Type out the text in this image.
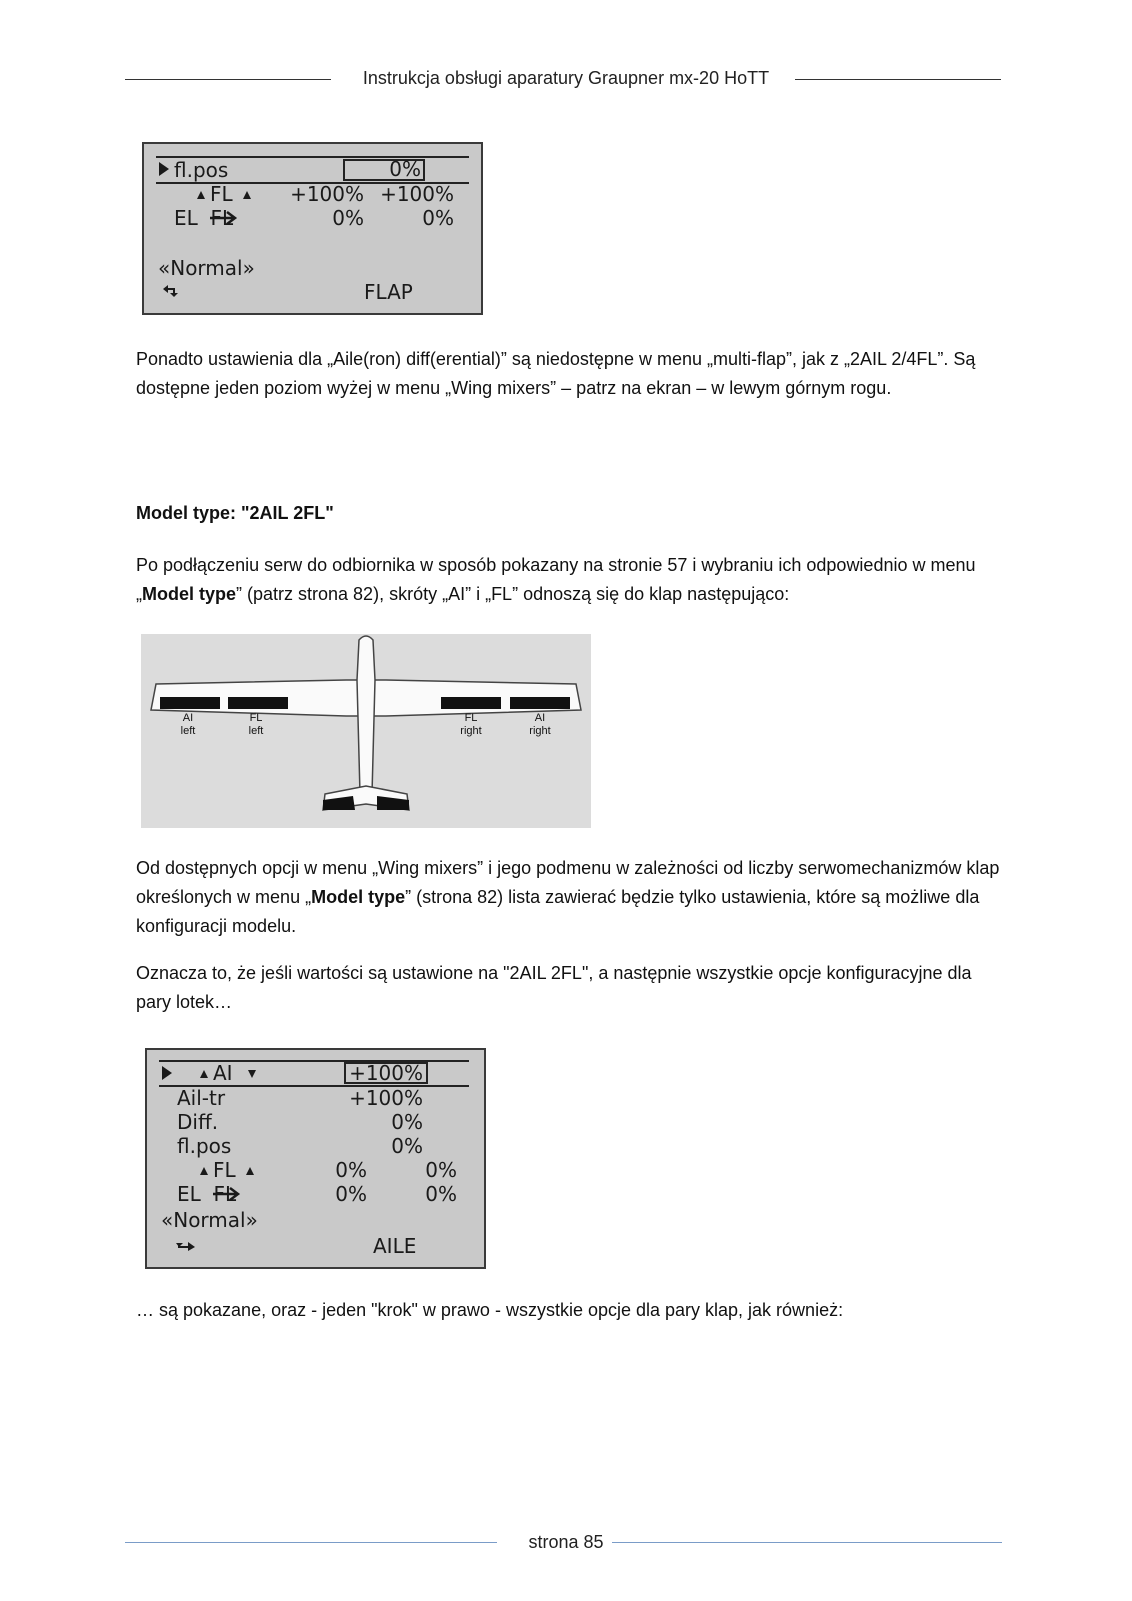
Instrukcja obsługi aparatury Graupner mx-20 HoTT
fl.pos	0%
FL	+100% +100%
EL  FL	0%	0%
«Normal»
FLAP
Ponadto ustawienia dla „Aile(ron) diff(erential)” są niedostępne w menu „multi-flap”, jak z „2AIL 2/4FL”. Są dostępne jeden poziom wyżej w menu „Wing mixers” – patrz na ekran – w lewym górnym rogu.
Model type: "2AIL 2FL"
Po podłączeniu serw do odbiornika w sposób pokazany na stronie 57 i wybraniu ich odpowiednio w menu „Model type” (patrz strona 82), skróty „AI” i „FL” odnoszą się do klap następująco:
AI
left
FL
left
FL
right
AI
right
Od dostępnych opcji w menu „Wing mixers” i jego podmenu w zależności od liczby serwomechanizmów klap określonych w menu „Model type” (strona 82) lista zawierać będzie tylko ustawienia, które są możliwe dla konfiguracji modelu.
Oznacza to, że jeśli wartości są ustawione na "2AIL 2FL", a następnie wszystkie opcje konfiguracyjne dla pary lotek…
AI	+100%
Ail-tr	+100%
Diff.	0%
fl.pos	0%
FL	0%	0%
EL  FL	0%	0%
«Normal»
AILE
… są pokazane, oraz - jeden "krok" w prawo - wszystkie opcje dla pary klap, jak również:
strona 85
